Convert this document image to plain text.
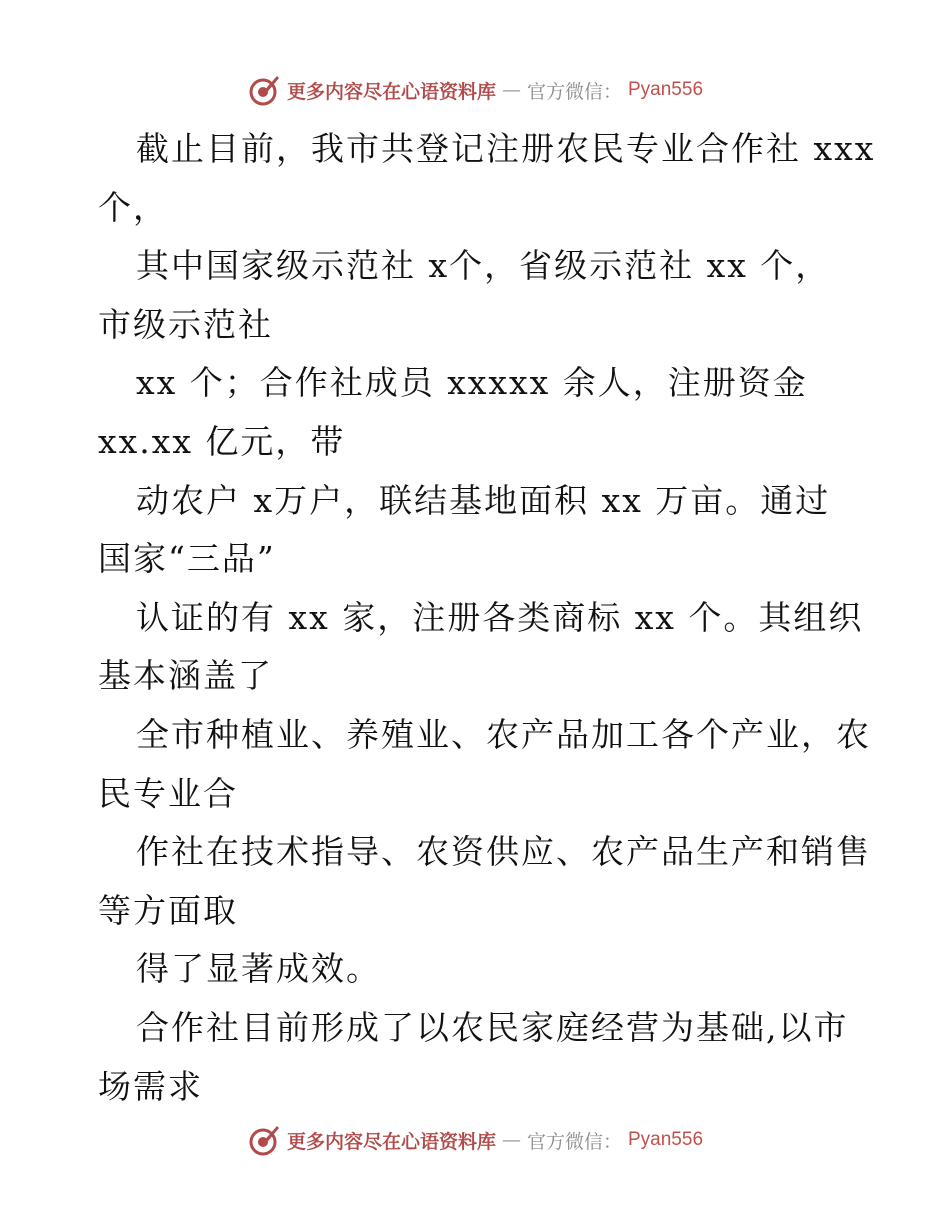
更多内容尽在心语资料库 — 官方微信： Pyan556
截止目前，我市共登记注册农民专业合作社 xxx
个，
其中国家级示范社 x个，省级示范社 xx 个，
市级示范社
xx 个；合作社成员 xxxxx 余人，注册资金
xx.xx 亿元，带
动农户 x万户，联结基地面积 xx 万亩。通过
国家“三品”
认证的有 xx 家，注册各类商标 xx 个。其组织
基本涵盖了
全市种植业、养殖业、农产品加工各个产业，农
民专业合
作社在技术指导、农资供应、农产品生产和销售
等方面取
得了显著成效。
合作社目前形成了以农民家庭经营为基础,以市
场需求
更多内容尽在心语资料库 — 官方微信： Pyan556
